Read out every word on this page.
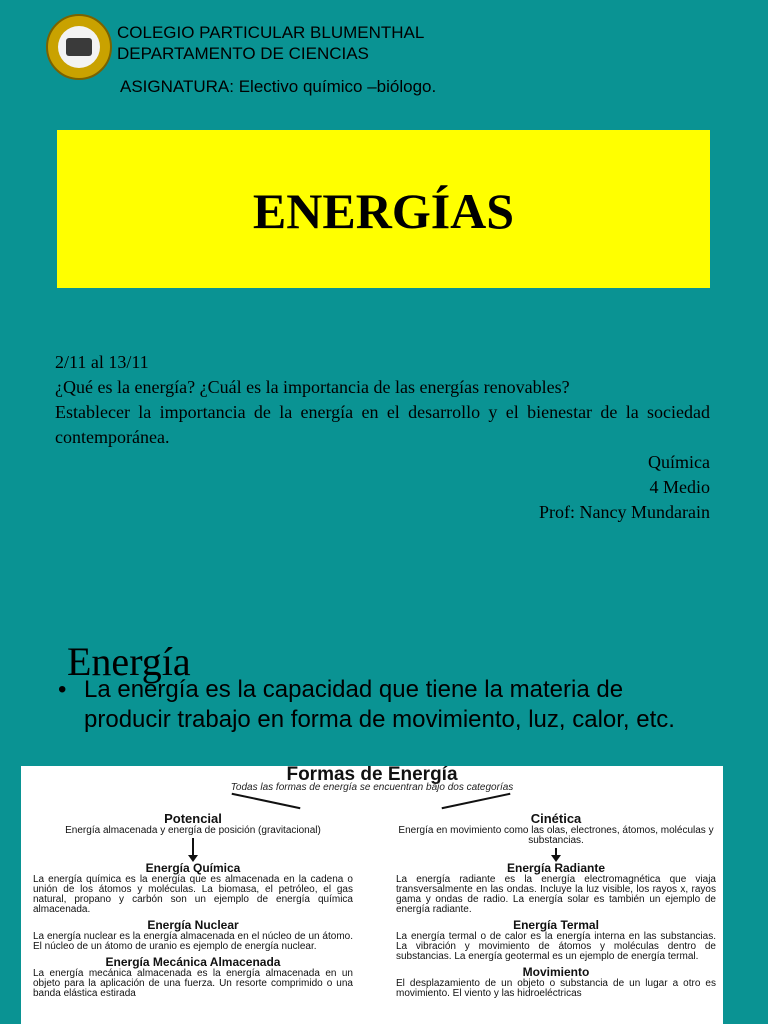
COLEGIO PARTICULAR BLUMENTHAL
DEPARTAMENTO DE CIENCIAS
ASIGNATURA: Electivo químico –biólogo.
ENERGÍAS

2/11 al 13/11

¿Qué es la energía? ¿Cuál es la importancia de las energías renovables?

Establecer la importancia de la energía en el desarrollo y el bienestar de la sociedad contemporánea.

Química

4 Medio

Prof: Nancy Mundarain

Energía
• La energía es la capacidad que tiene la materia de producir trabajo en forma de movimiento, luz, calor, etc.
Formas de Energía
Todas las formas de energía se encuentran bajo dos categorías
Potencial
Energía almacenada y energía de posición (gravitacional)
Energía Química
La energía química es la energía que es almacenada en la cadena o unión de los átomos y moléculas. La biomasa, el petróleo, el gas natural, propano y carbón son un ejemplo de energía química almacenada.
Energía Nuclear
La energía nuclear es la energía almacenada en el núcleo de un átomo. El núcleo de un átomo de uranio es ejemplo de energía nuclear.
Energía Mecánica Almacenada
La energía mecánica almacenada es la energía almacenada en un objeto para la aplicación de una fuerza. Un resorte comprimido o una banda elástica estirada
Cinética
Energía en movimiento como las olas, electrones, átomos, moléculas y substancias.
Energía Radiante
La energía radiante es la energía electromagnética que viaja transversalmente en las ondas. Incluye la luz visible, los rayos x, rayos gama y ondas de radio. La energía solar es también un ejemplo de energía radiante.
Energía Termal
La energía termal o de calor es la energía interna en las substancias. La vibración y movimiento de átomos y moléculas dentro de substancias. La energía geotermal es un ejemplo de energía termal.
Movimiento
El desplazamiento de un objeto o substancia de un lugar a otro es movimiento. El viento y las hidroeléctricas
